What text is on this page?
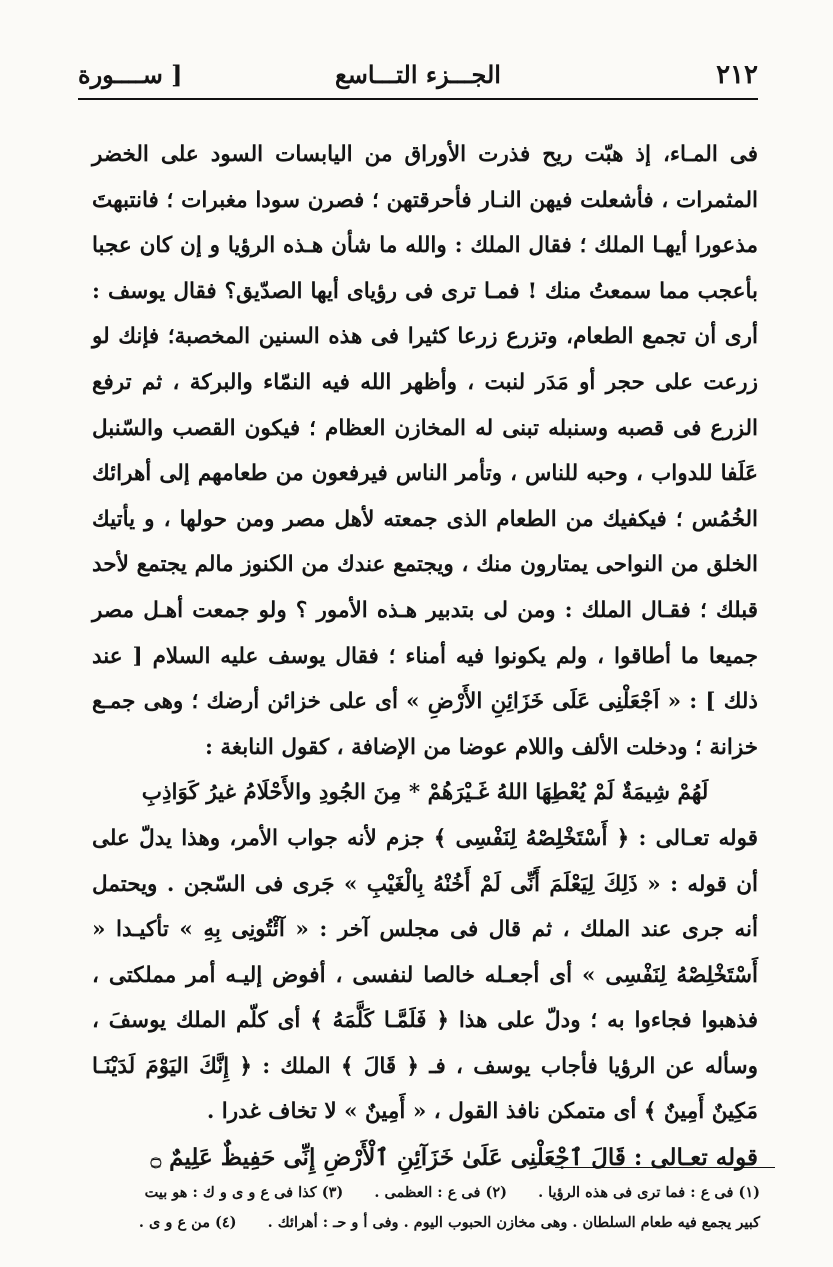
٢١٢
الجـــزء التـــاسع
[ ســــورة

فى المـاء، إذ هبّت ريح فذرت الأوراق من اليابسات السود على الخضر المثمرات ، فأشعلت فيهن النـار فأحرقتهن ؛ فصرن سودا مغبرات ؛ فانتبهتَ مذعورا أيهـا الملك ؛ فقال الملك : والله ما شأن هـذه الرؤيا و إن كان عجبا بأعجب مما سمعتُ منك ! فمـا ترى فى رؤياى أيها الصدّيق؟ فقال يوسف : أرى أن تجمع الطعام، وتزرع زرعا كثيرا فى هذه السنين المخصبة؛ فإنك لو زرعت على حجر أو مَدَر لنبت ، وأظهر الله فيه النمّاء والبركة ، ثم ترفع الزرع فى قصبه وسنبله تبنى له المخازن العظام ؛ فيكون القصب والسّنبل عَلَفا للدواب ، وحبه للناس ، وتأمر الناس فيرفعون من طعامهم إلى أهرائك الخُمُس ؛ فيكفيك من الطعام الذى جمعته لأهل مصر ومن حولها ، و يأتيك الخلق من النواحى يمتارون منك ، ويجتمع عندك من الكنوز مالم يجتمع لأحد قبلك ؛ فقـال الملك : ومن لى بتدبير هـذه الأمور ؟ ولو جمعت أهـل مصر جميعا ما أطاقوا ، ولم يكونوا فيه أمناء ؛ فقال يوسف عليه السلام [ عند ذلك ] : « اَجْعَلْنِى عَلَى خَزَائِنِ الأَرْضِ » أى على خزائن أرضك ؛ وهى جمـع خزانة ؛ ودخلت الألف واللام عوضا من الإضافة ، كقول النابغة :

لَهُمْ شِيمَةٌ لَمْ يُعْطِهَا اللهُ غَـيْرَهُمْ * مِنَ الجُودِ والأَحْلَامُ غيرُ كَوَاذِبِ

قوله تعـالى : ﴿ أَسْتَخْلِصْهُ لِنَفْسِى ﴾ جزم لأنه جواب الأمر، وهذا يدلّ على أن قوله : « ذَلِكَ لِيَعْلَمَ أَنِّى لَمْ أَخُنْهُ بِالْغَيْبِ » جَرى فى السّجن . ويحتمل أنه جرى عند الملك ، ثم قال فى مجلس آخر : « آئْتُونِى بِهِ » تأكيـدا « أَسْتَخْلِصْهُ لِنَفْسِى » أى أجعـله خالصا لنفسى ، أفوض إليـه أمر مملكتى ، فذهبوا فجاءوا به ؛ ودلّ على هذا ﴿ فَلَمَّـا كَلَّمَهُ ﴾ أى كلّم الملك يوسفَ ، وسأله عن الرؤيا فأجاب يوسف ، فـ ﴿ قَالَ ﴾ الملك : ﴿ إِنَّكَ اليَوْمَ لَدَيْنَـا مَكِينٌ أَمِينٌ ﴾ أى متمكن نافذ القول ، « أَمِينٌ » لا تخاف غدرا .

قوله تعـالى : قَالَ ٱجْعَلْنِى عَلَىٰ خَزَآئِنِ ٱلْأَرْضِ إِنِّى حَفِيظٌ عَلِيمٌ ۝

(١) فى ع : فما ترى فى هذه الرؤيا . (٢) فى ع : العظمى . (٣) كذا فى ع و ى و ك : هو بيت
كبير يجمع فيه طعام السلطان . وهى مخازن الحبوب اليوم . وفى أ و حـ : أهرائك . (٤) من ع و ى .
